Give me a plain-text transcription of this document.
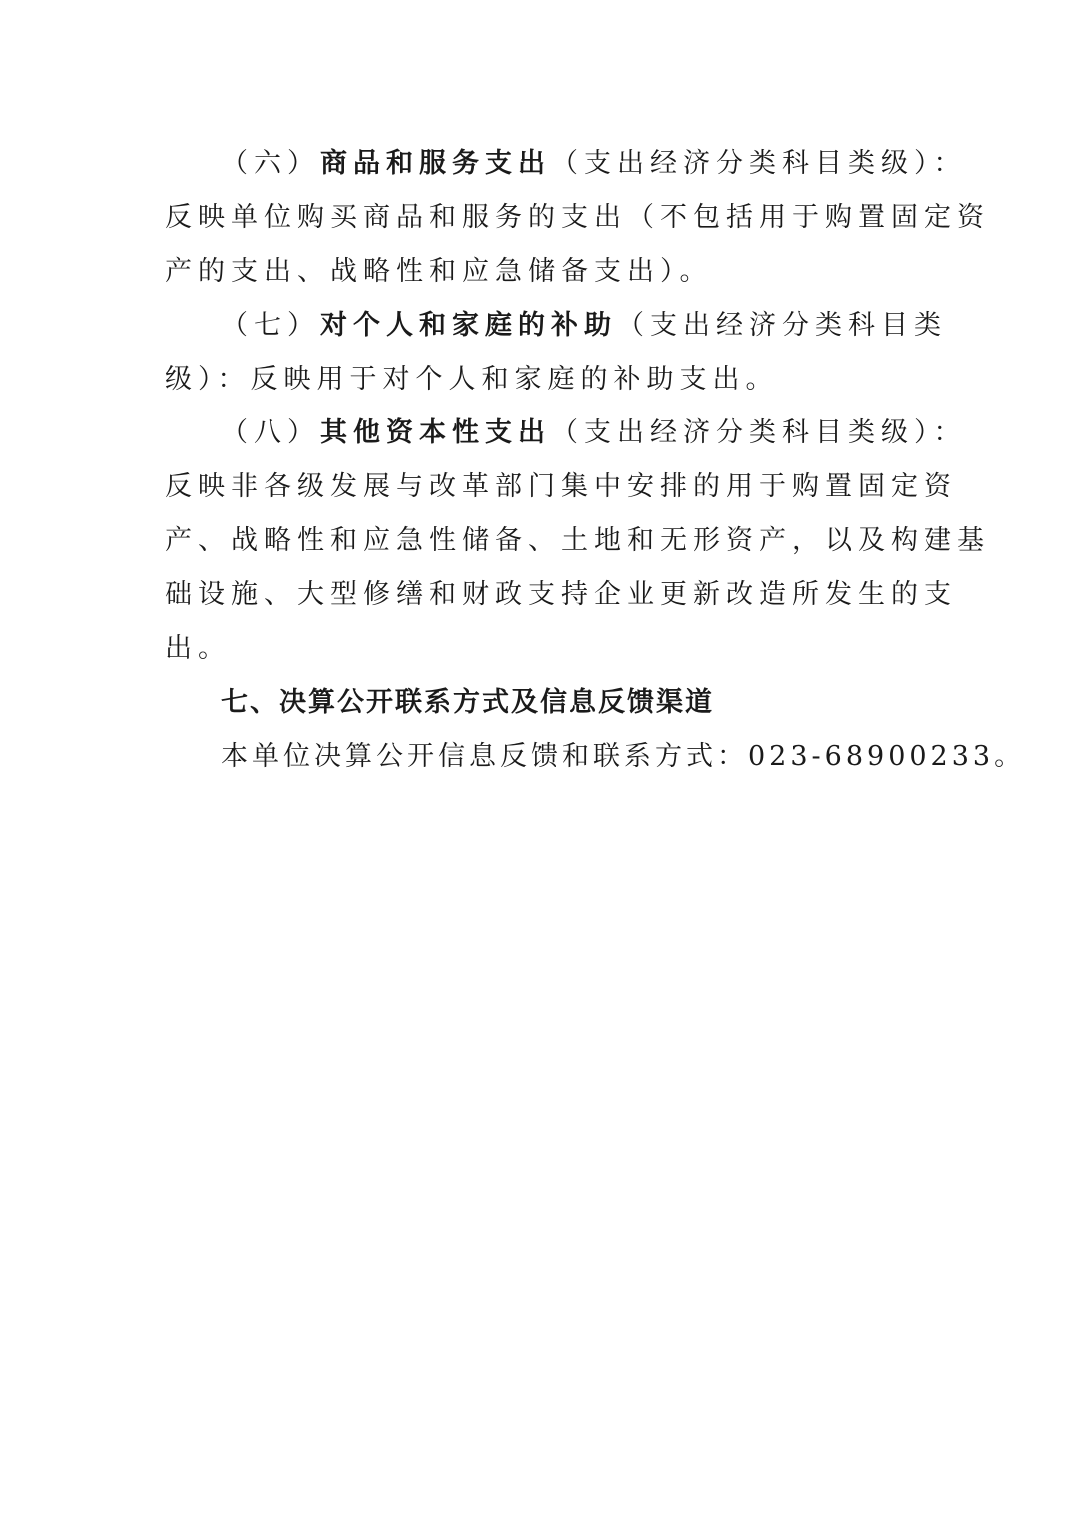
（六）商品和服务支出（支出经济分类科目类级）：
反映单位购买商品和服务的支出（不包括用于购置固定资
产的支出、战略性和应急储备支出）。
（七）对个人和家庭的补助（支出经济分类科目类
级）：反映用于对个人和家庭的补助支出。
（八）其他资本性支出（支出经济分类科目类级）：
反映非各级发展与改革部门集中安排的用于购置固定资
产、战略性和应急性储备、土地和无形资产，以及构建基
础设施、大型修缮和财政支持企业更新改造所发生的支
出。
七、决算公开联系方式及信息反馈渠道
本单位决算公开信息反馈和联系方式：023-68900233。
